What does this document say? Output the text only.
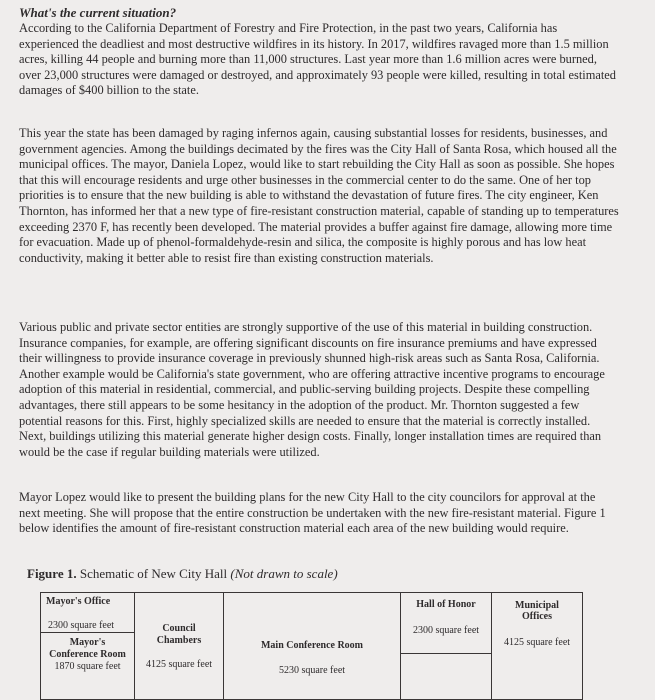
What's the current situation?

According to the California Department of Forestry and Fire Protection, in the past two years, California has experienced the deadliest and most destructive wildfires in its history. In 2017, wildfires ravaged more than 1.5 million acres, killing 44 people and burning more than 11,000 structures. Last year more than 1.6 million acres were burned, over 23,000 structures were damaged or destroyed, and approximately 93 people were killed, resulting in total estimated damages of $400 billion to the state.

This year the state has been damaged by raging infernos again, causing substantial losses for residents, businesses, and government agencies. Among the buildings decimated by the fires was the City Hall of Santa Rosa, which housed all the municipal offices. The mayor, Daniela Lopez, would like to start rebuilding the City Hall as soon as possible. She hopes that this will encourage residents and urge other businesses in the commercial center to do the same. One of her top priorities is to ensure that the new building is able to withstand the devastation of future fires. The city engineer, Ken Thornton, has informed her that a new type of fire-resistant construction material, capable of standing up to temperatures exceeding 2370 F, has recently been developed. The material provides a buffer against fire damage, allowing more time for evacuation. Made up of phenol-formaldehyde-resin and silica, the composite is highly porous and has low heat conductivity, making it better able to resist fire than existing construction materials.

Various public and private sector entities are strongly supportive of the use of this material in building construction. Insurance companies, for example, are offering significant discounts on fire insurance premiums and have expressed their willingness to provide insurance coverage in previously shunned high-risk areas such as Santa Rosa, California. Another example would be California's state government, who are offering attractive incentive programs to encourage adoption of this material in residential, commercial, and public-serving building projects. Despite these compelling advantages, there still appears to be some hesitancy in the adoption of the product. Mr. Thornton suggested a few potential reasons for this. First, highly specialized skills are needed to ensure that the material is correctly installed. Next, buildings utilizing this material generate higher design costs. Finally, longer installation times are required than would be the case if regular building materials were utilized.

Mayor Lopez would like to present the building plans for the new City Hall to the city councilors for approval at the next meeting. She will propose that the entire construction be undertaken with the new fire-resistant material. Figure 1 below identifies the amount of fire-resistant construction material each area of the new building would require.

Figure 1. Schematic of New City Hall (Not drawn to scale)

Mayor's Office
2300 square feet
Mayor's
Conference Room
1870 square feet
Council
Chambers
4125 square feet
Main Conference Room
5230 square feet
Hall of Honor
2300 square feet
Municipal
Offices
4125 square feet
